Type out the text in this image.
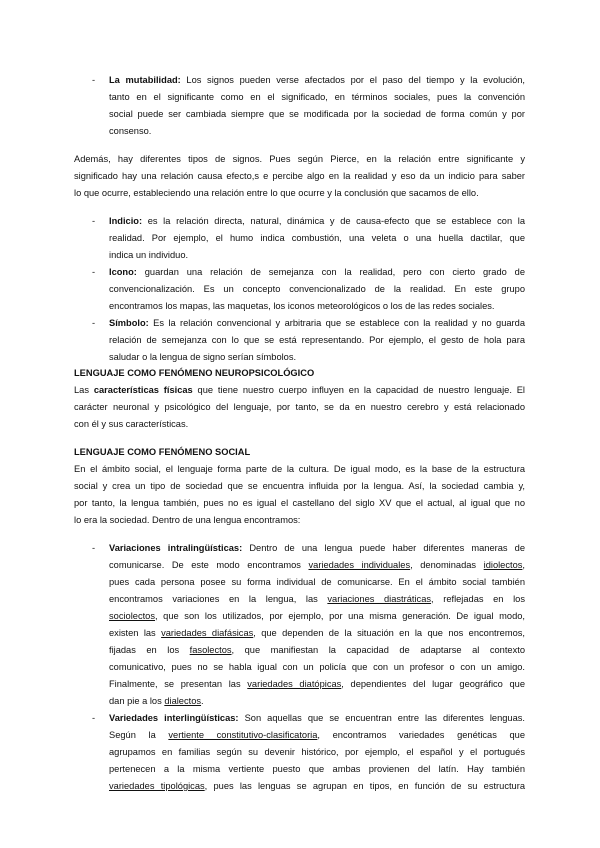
- La mutabilidad: Los signos pueden verse afectados por el paso del tiempo y la evolución,
tanto en el significante como en el significado, en términos sociales, pues la convención
social puede ser cambiada siempre que se modificada por la sociedad de forma común y por
consenso.
Además, hay diferentes tipos de signos. Pues según Pierce, en la relación entre significante y
significado hay una relación causa efecto,s e percibe algo en la realidad y eso da un indicio para saber
lo que ocurre, estableciendo una relación entre lo que ocurre y la conclusión que sacamos de ello.
- Indicio: es la relación directa, natural, dinámica y de causa-efecto que se establece con la
realidad. Por ejemplo, el humo indica combustión, una veleta o una huella dactilar, que
indica un individuo.
- Icono: guardan una relación de semejanza con la realidad, pero con cierto grado de
convencionalización. Es un concepto convencionalizado de la realidad. En este grupo
encontramos los mapas, las maquetas, los iconos meteorológicos o los de las redes sociales.
- Símbolo: Es la relación convencional y arbitraria que se establece con la realidad y no guarda
relación de semejanza con lo que se está representando. Por ejemplo, el gesto de hola para
saludar o la lengua de signo serían símbolos.
LENGUAJE COMO FENÓMENO NEUROPSICOLÓGICO
Las características físicas que tiene nuestro cuerpo influyen en la capacidad de nuestro lenguaje. El
carácter neuronal y psicológico del lenguaje, por tanto, se da en nuestro cerebro y está relacionado
con él y sus características.
LENGUAJE COMO FENÓMENO SOCIAL
En el ámbito social, el lenguaje forma parte de la cultura. De igual modo, es la base de la estructura
social y crea un tipo de sociedad que se encuentra influida por la lengua. Así, la sociedad cambia y,
por tanto, la lengua también, pues no es igual el castellano del siglo XV que el actual, al igual que no
lo era la sociedad. Dentro de una lengua encontramos:
- Variaciones intralingüísticas: Dentro de una lengua puede haber diferentes maneras de
comunicarse. De este modo encontramos variedades individuales, denominadas idiolectos,
pues cada persona posee su forma individual de comunicarse. En el ámbito social también
encontramos variaciones en la lengua, las variaciones diastráticas, reflejadas en los
sociolectos, que son los utilizados, por ejemplo, por una misma generación. De igual modo,
existen las variedades diafásicas, que dependen de la situación en la que nos encontremos,
fijadas en los fasolectos, que manifiestan la capacidad de adaptarse al contexto
comunicativo, pues no se habla igual con un policía que con un profesor o con un amigo.
Finalmente, se presentan las variedades diatópicas, dependientes del lugar geográfico que
dan pie a los dialectos.
- Variedades interlingüísticas: Son aquellas que se encuentran entre las diferentes lenguas.
Según la vertiente constitutivo-clasificatoria, encontramos variedades genéticas que
agrupamos en familias según su devenir histórico, por ejemplo, el español y el portugués
pertenecen a la misma vertiente puesto que ambas provienen del latín. Hay también
variedades tipológicas, pues las lenguas se agrupan en tipos, en función de su estructura
